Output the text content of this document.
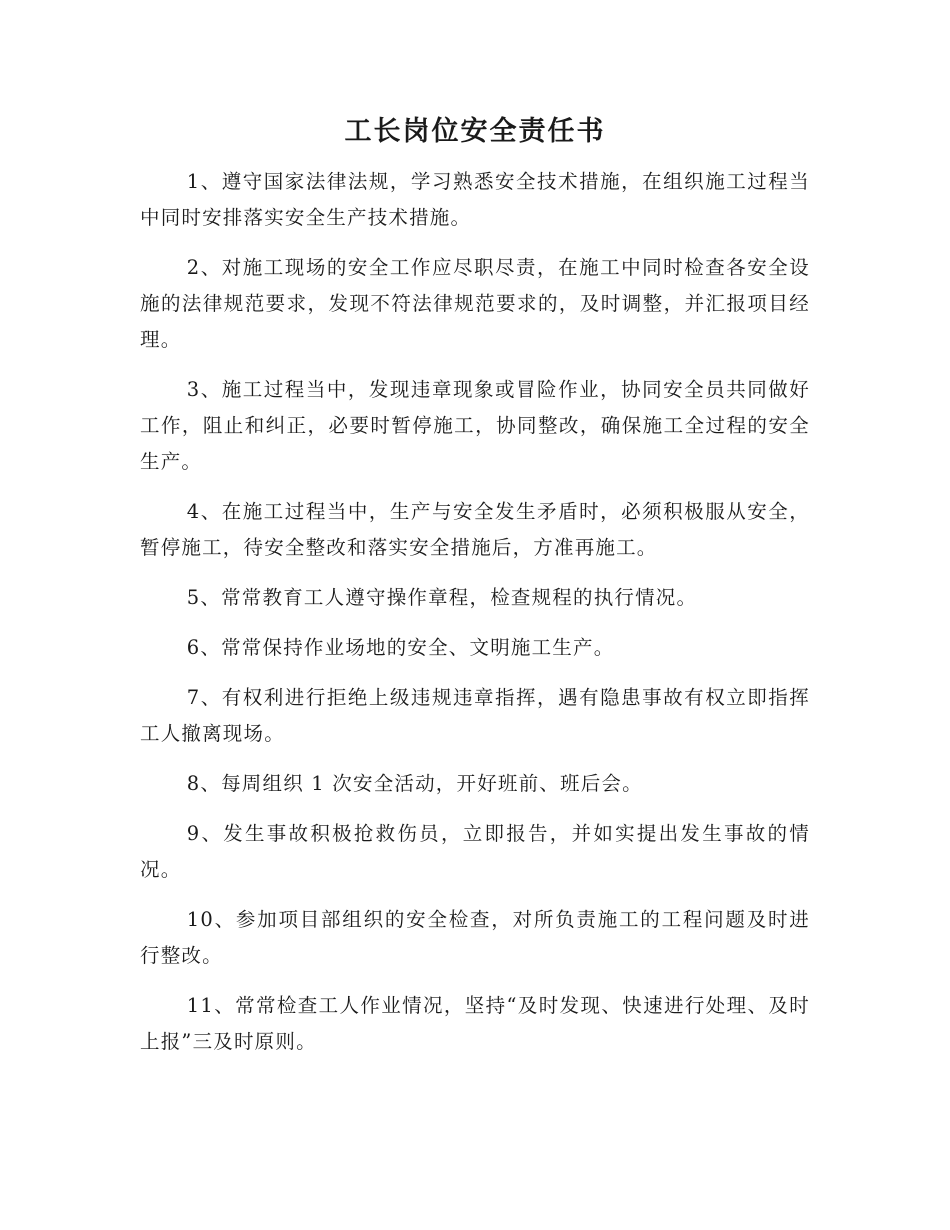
工长岗位安全责任书

1、遵守国家法律法规，学习熟悉安全技术措施，在组织施工过程当中同时安排落实安全生产技术措施。

2、对施工现场的安全工作应尽职尽责，在施工中同时检查各安全设施的法律规范要求，发现不符法律规范要求的，及时调整，并汇报项目经理。

3、施工过程当中，发现违章现象或冒险作业，协同安全员共同做好工作，阻止和纠正，必要时暂停施工，协同整改，确保施工全过程的安全生产。

4、在施工过程当中，生产与安全发生矛盾时，必须积极服从安全，暂停施工，待安全整改和落实安全措施后，方准再施工。

5、常常教育工人遵守操作章程，检查规程的执行情况。

6、常常保持作业场地的安全、文明施工生产。

7、有权利进行拒绝上级违规违章指挥，遇有隐患事故有权立即指挥工人撤离现场。

8、每周组织 1 次安全活动，开好班前、班后会。

9、发生事故积极抢救伤员，立即报告，并如实提出发生事故的情况。

10、参加项目部组织的安全检查，对所负责施工的工程问题及时进行整改。

11、常常检查工人作业情况，坚持“及时发现、快速进行处理、及时上报”三及时原则。
